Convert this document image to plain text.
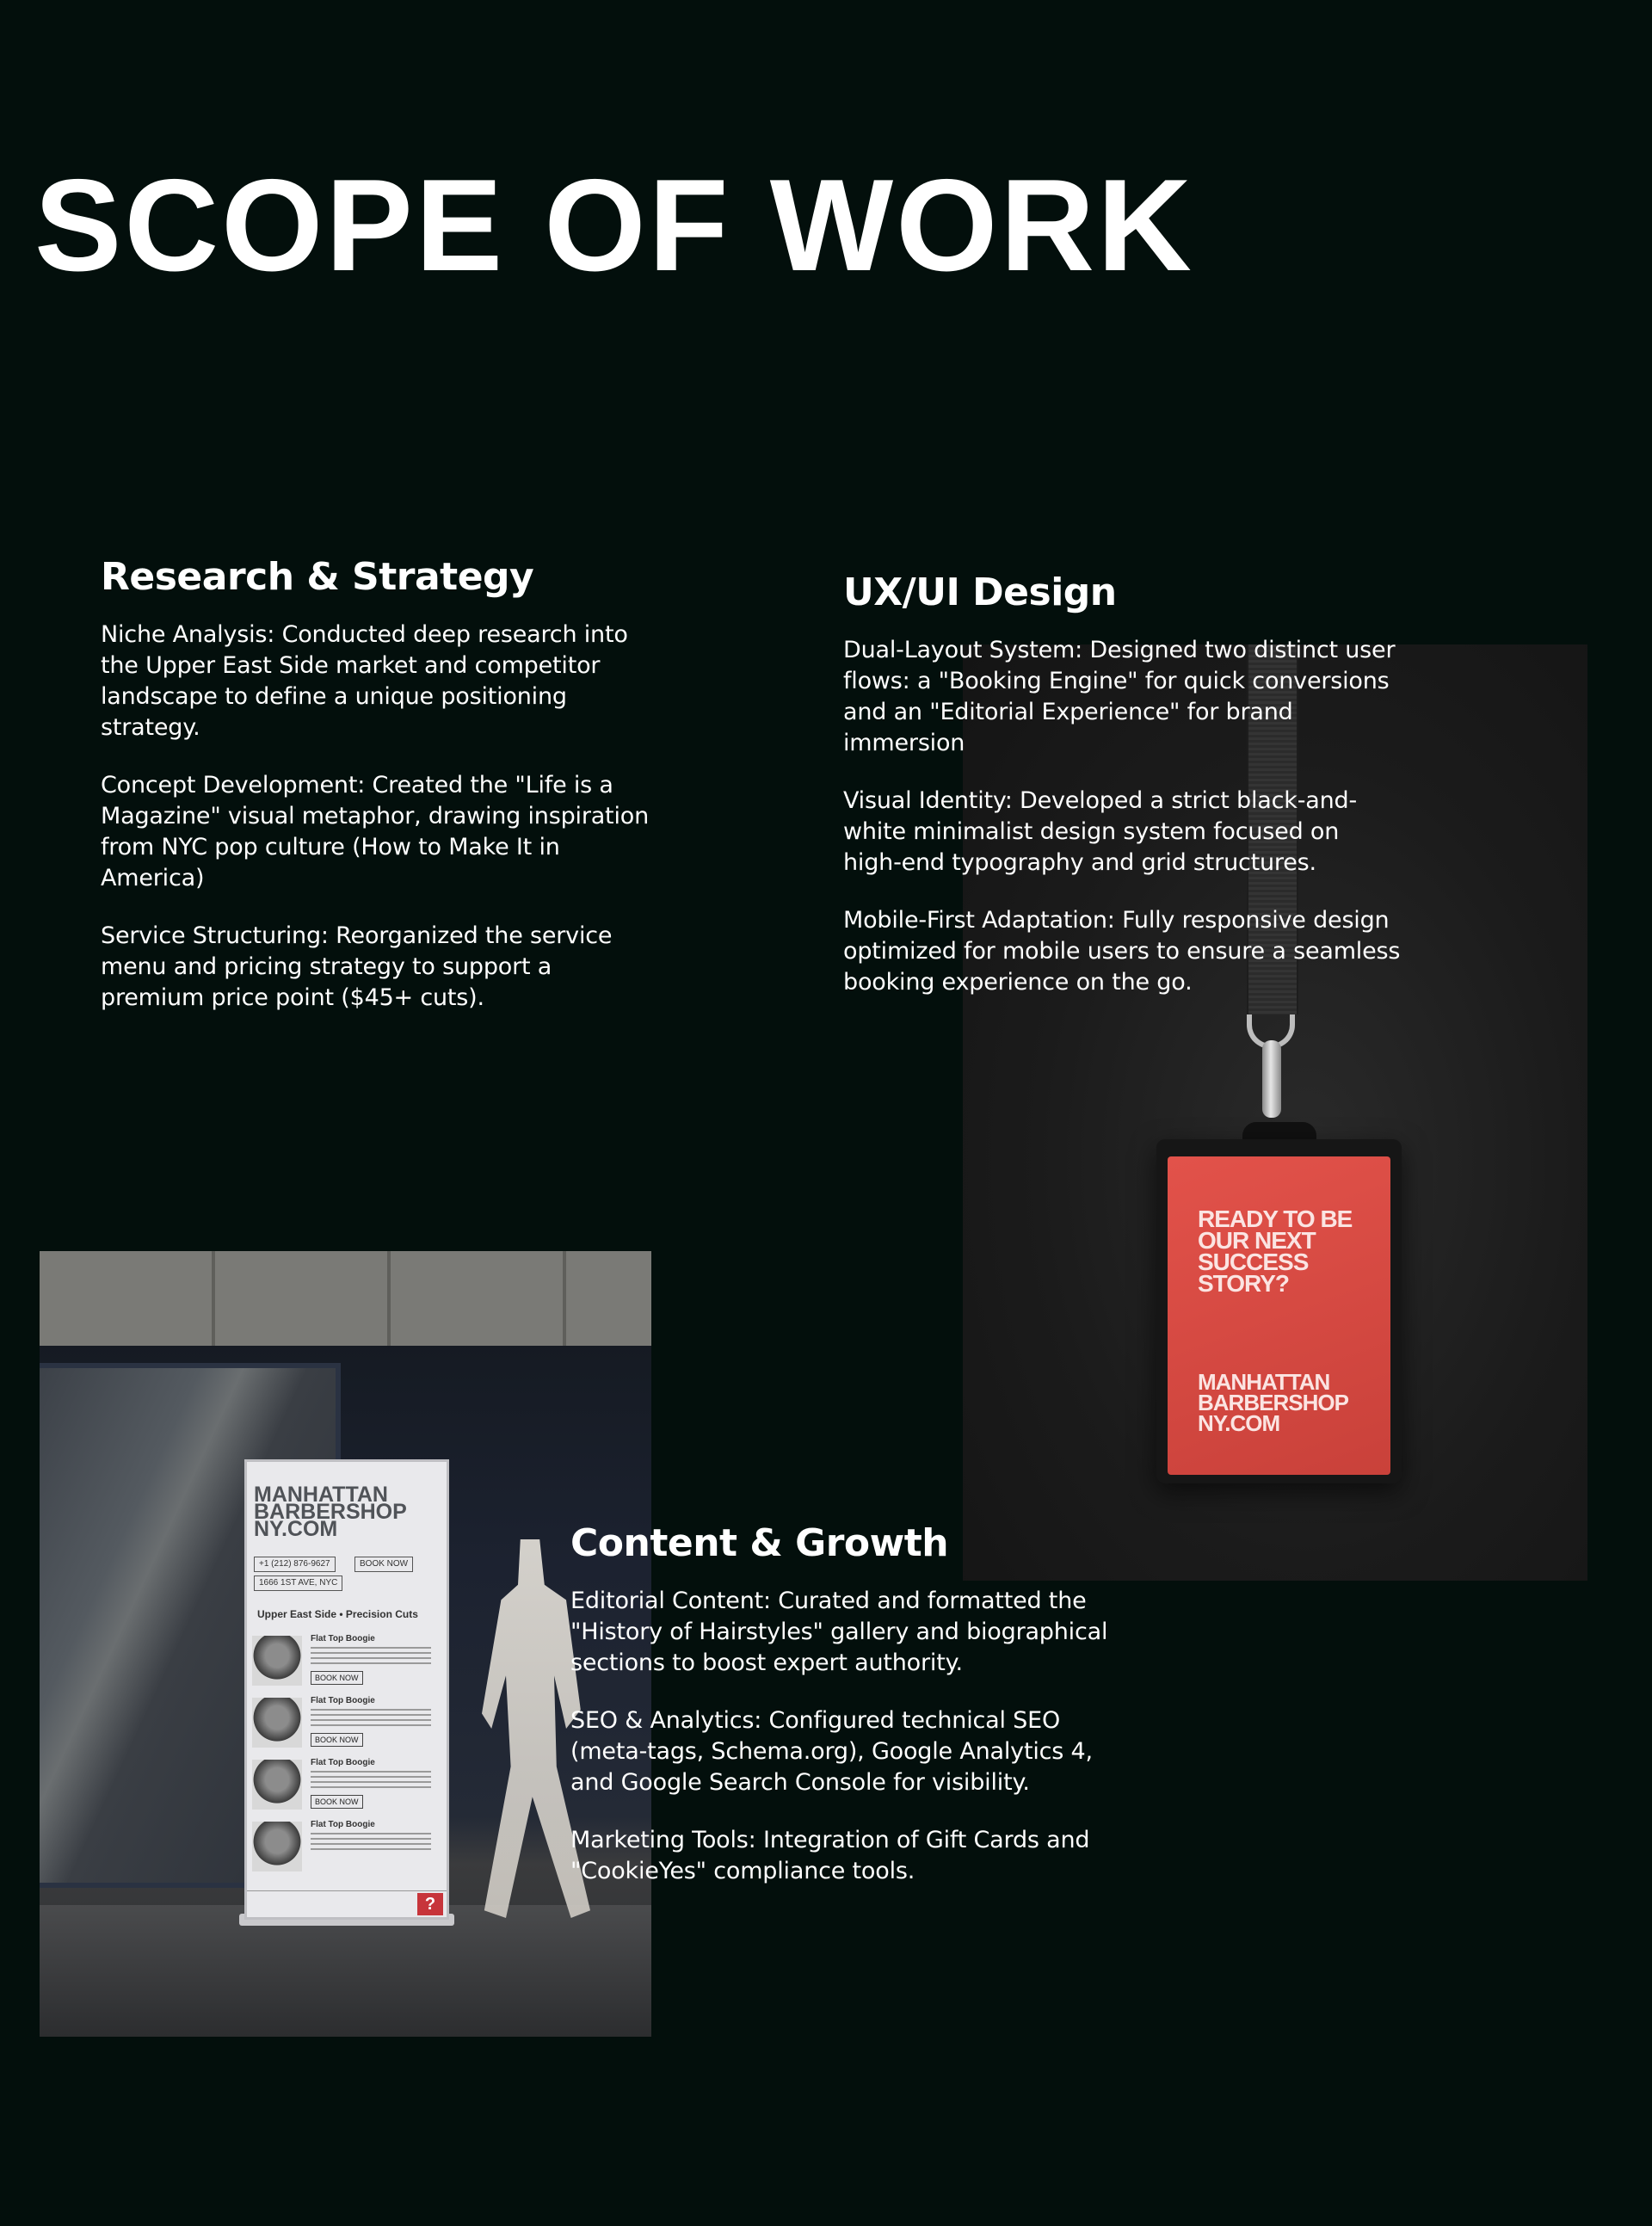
SCOPE OF WORK

READY TO BE
OUR NEXT
SUCCESS
STORY?

MANHATTAN
BARBERSHOP
NY.COM

MANHATTAN
BARBERSHOP
NY.COM

+1 (212) 876-9627	BOOK NOW
1666 1ST AVE, NYC
Upper East Side • Precision Cuts
Flat Top Boogie
BOOK NOW
Flat Top Boogie
BOOK NOW
Flat Top Boogie
BOOK NOW
Flat Top Boogie
?
Research & Strategy

Niche Analysis: Conducted deep research into the Upper East Side market and competitor landscape to define a unique positioning strategy.

Concept Development: Created the "Life is a Magazine" visual metaphor, drawing inspiration from NYC pop culture (How to Make It in America)

Service Structuring: Reorganized the service menu and pricing strategy to support a premium price point ($45+ cuts).

UX/UI Design

Dual-Layout System: Designed two distinct user flows: a "Booking Engine" for quick conversions and an "Editorial Experience" for brand immersion

Visual Identity: Developed a strict black-and-white minimalist design system focused on high-end typography and grid structures.

Mobile-First Adaptation: Fully responsive design optimized for mobile users to ensure a seamless booking experience on the go.

Content & Growth

Editorial Content: Curated and formatted the "History of Hairstyles" gallery and biographical sections to boost expert authority.

SEO & Analytics: Configured technical SEO (meta-tags, Schema.org), Google Analytics 4, and Google Search Console for visibility.

Marketing Tools: Integration of Gift Cards and "CookieYes" compliance tools.
